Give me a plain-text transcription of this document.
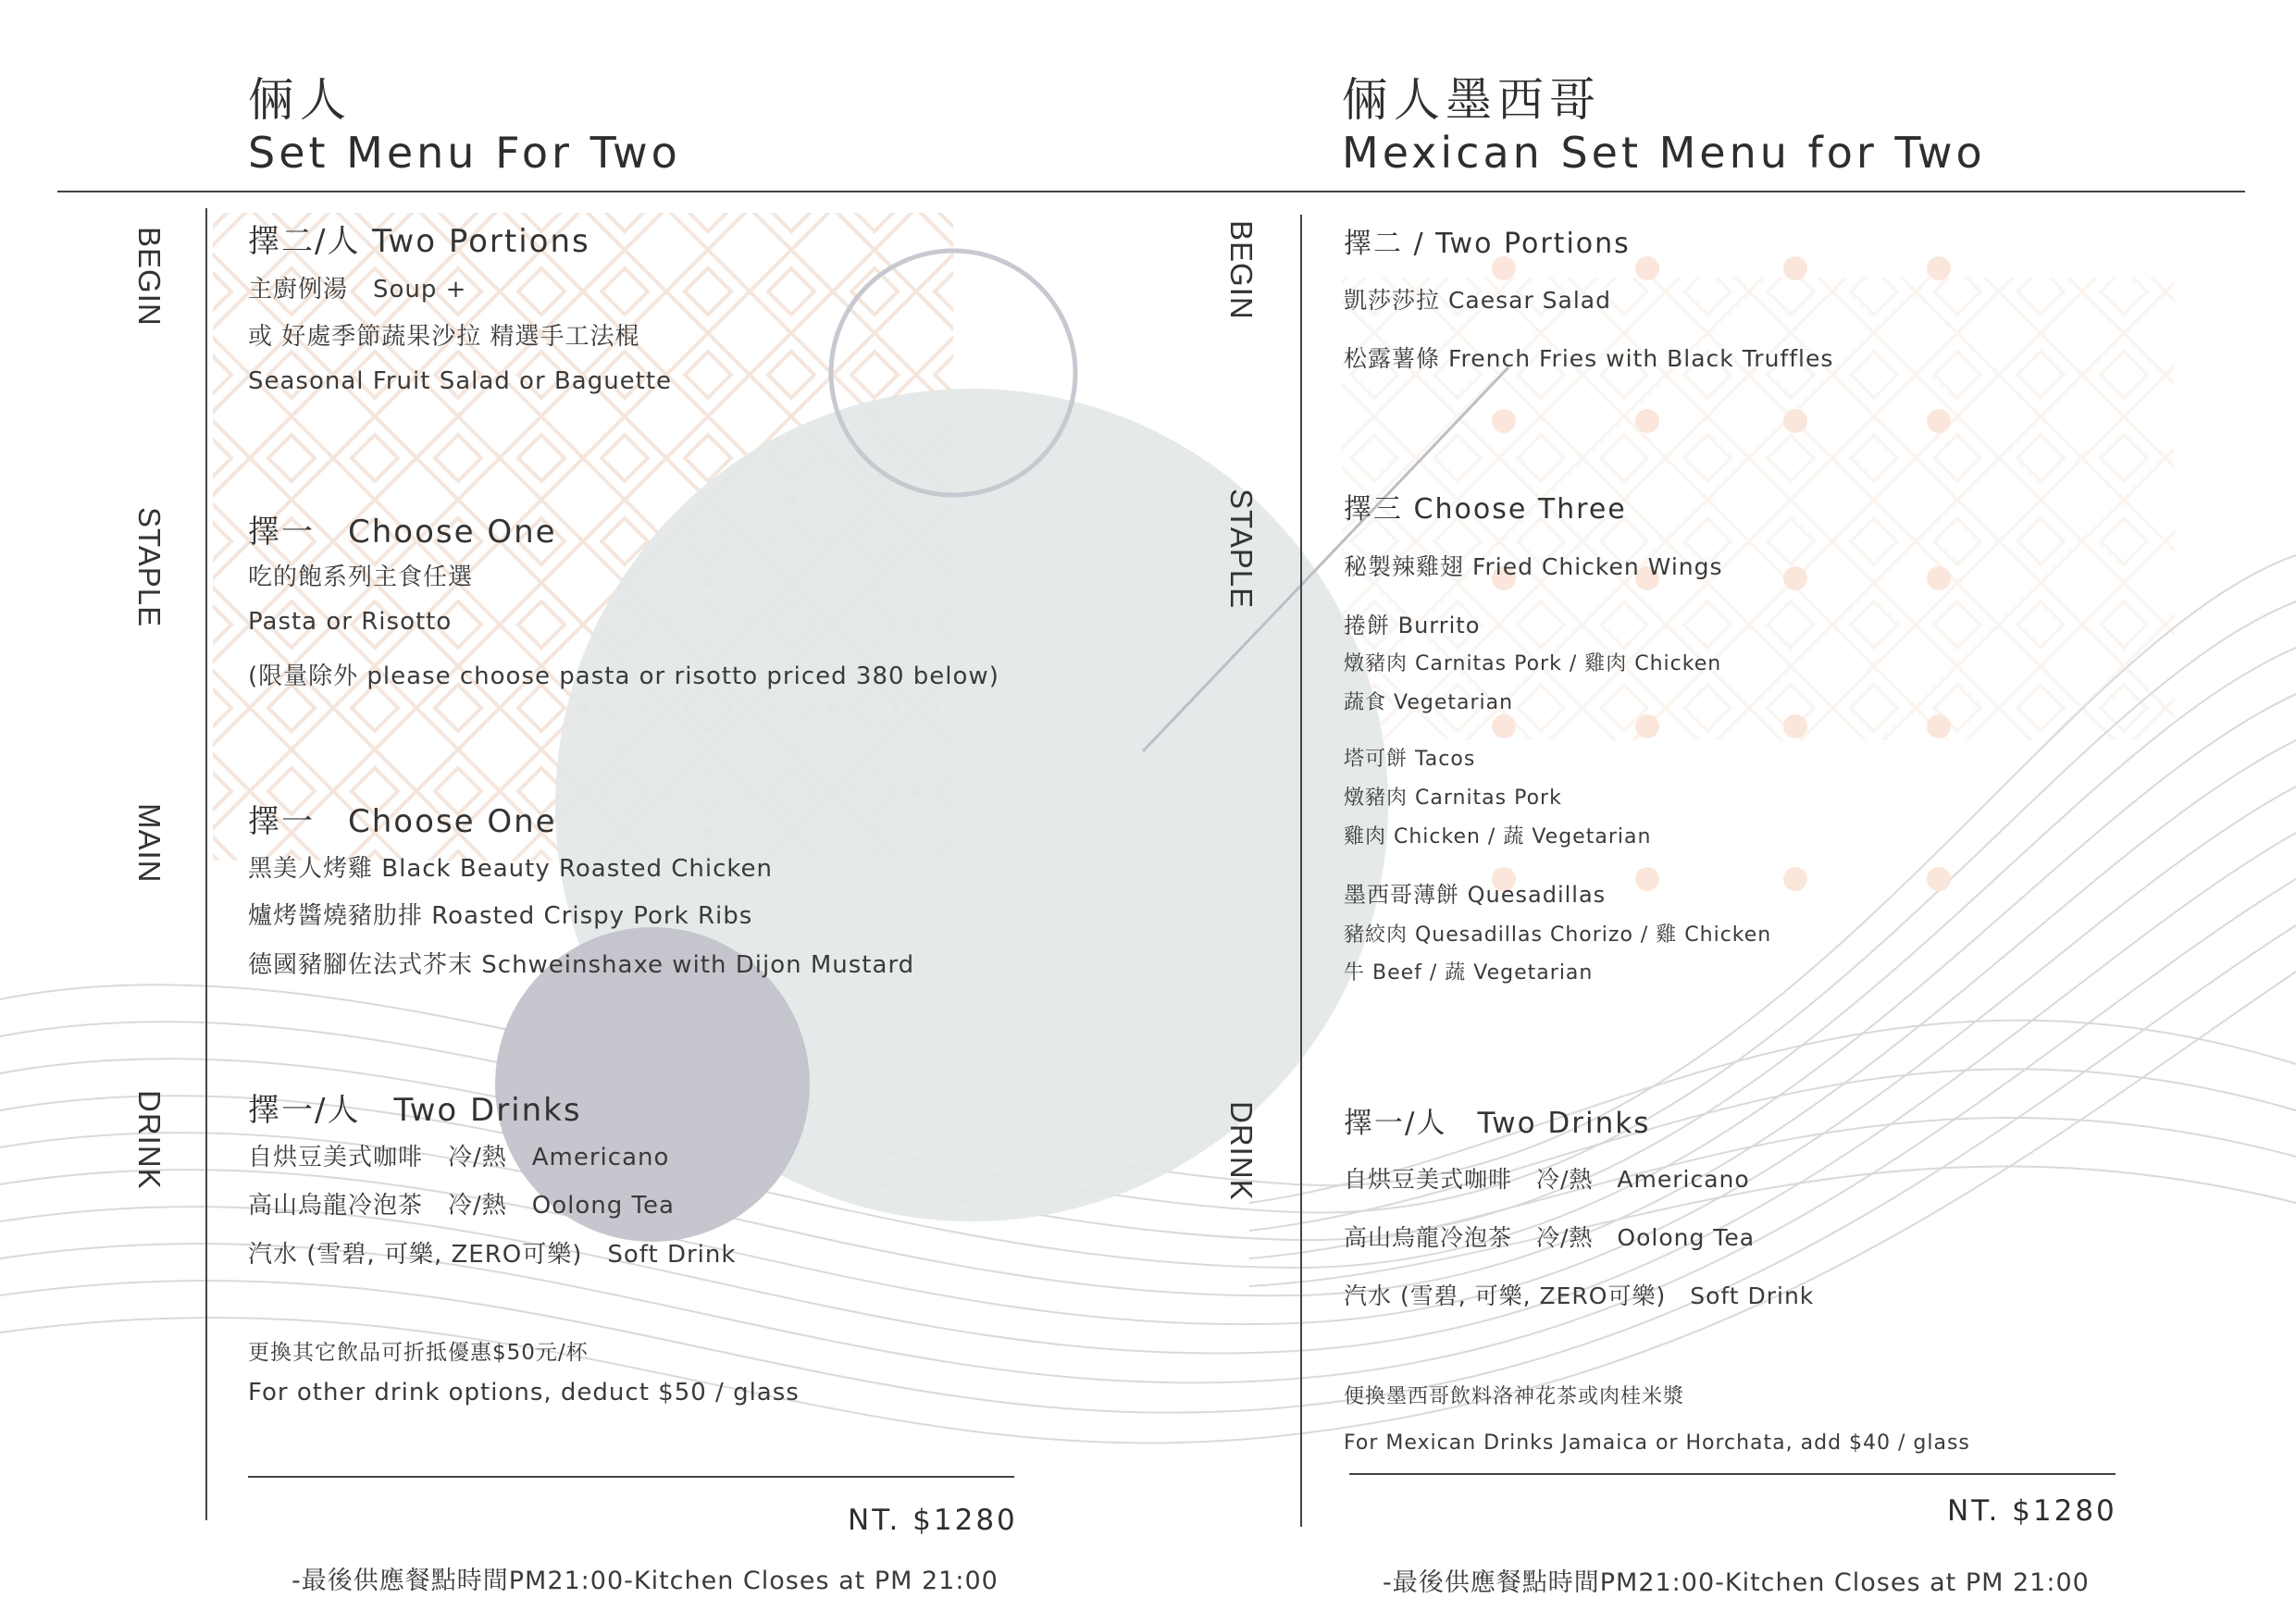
倆人
Set Menu For Two
倆人墨西哥
Mexican Set Menu for Two
BEGIN
STAPLE
MAIN
DRINK
BEGIN
STAPLE
DRINK
擇二/人 Two Portions
主廚例湯　Soup +
或 好處季節蔬果沙拉 精選手工法棍
Seasonal Fruit Salad or Baguette
擇一　Choose One
吃的飽系列主食任選
Pasta or Risotto
(限量除外 please choose pasta or risotto priced 380 below)
擇一　Choose One
黑美人烤雞 Black Beauty Roasted Chicken
爐烤醬燒豬肋排 Roasted Crispy Pork Ribs
德國豬腳佐法式芥末 Schweinshaxe with Dijon Mustard
擇一/人　Two Drinks
自烘豆美式咖啡　冷/熱　Americano
高山烏龍冷泡茶　冷/熱　Oolong Tea
汽水 (雪碧, 可樂, ZERO可樂)　Soft Drink
更換其它飲品可折抵優惠$50元/杯
For other drink options, deduct $50 / glass
NT. $1280
-最後供應餐點時間PM21:00-Kitchen Closes at PM 21:00
擇二 / Two Portions
凱莎莎拉 Caesar Salad
松露薯條 French Fries with Black Truffles
擇三 Choose Three
秘製辣雞翅 Fried Chicken Wings
捲餅 Burrito
燉豬肉 Carnitas Pork / 雞肉 Chicken
蔬食 Vegetarian
塔可餅 Tacos
燉豬肉 Carnitas Pork
雞肉 Chicken / 蔬 Vegetarian
墨西哥薄餅 Quesadillas
豬絞肉 Quesadillas Chorizo / 雞 Chicken
牛 Beef / 蔬 Vegetarian
擇一/人　Two Drinks
自烘豆美式咖啡　冷/熱　Americano
高山烏龍冷泡茶　冷/熱　Oolong Tea
汽水 (雪碧, 可樂, ZERO可樂)　Soft Drink
便換墨西哥飲料洛神花茶或肉桂米漿
For Mexican Drinks Jamaica or Horchata, add $40 / glass
NT. $1280
-最後供應餐點時間PM21:00-Kitchen Closes at PM 21:00
